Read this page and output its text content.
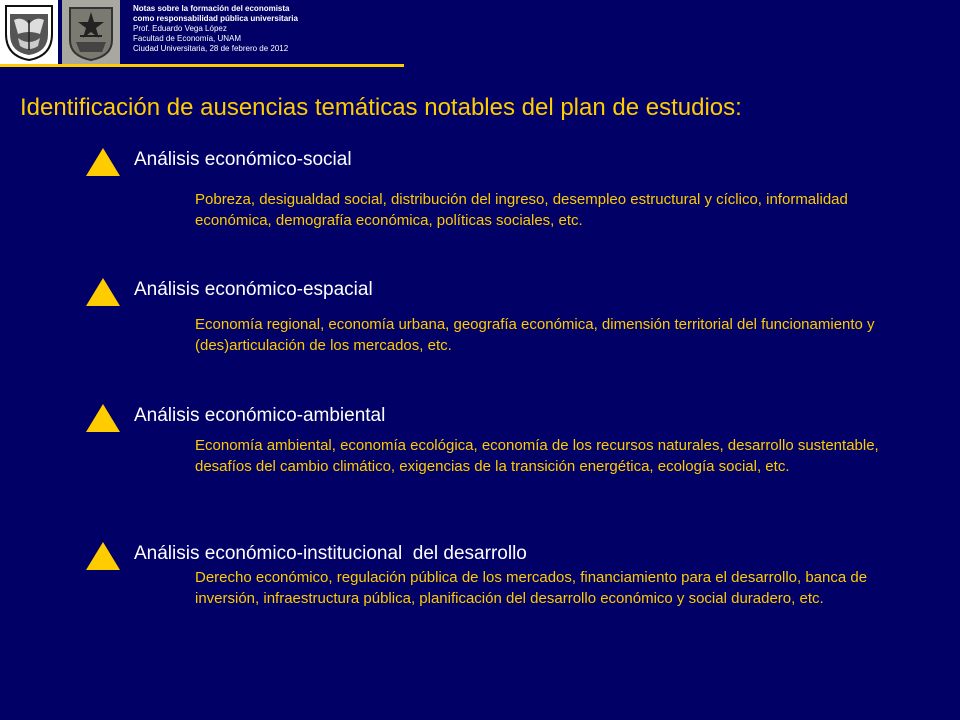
Notas sobre la formación del economista
como responsabilidad pública universitaria
Prof. Eduardo Vega López
Facultad de Economía, UNAM
Ciudad Universitaria, 28 de febrero de 2012
Identificación de ausencias temáticas notables del plan de estudios:
Análisis económico-social
Pobreza, desigualdad social, distribución del ingreso, desempleo estructural y cíclico, informalidad económica, demografía económica, políticas sociales, etc.
Análisis económico-espacial
Economía regional, economía urbana, geografía económica, dimensión territorial del funcionamiento y (des)articulación de los mercados, etc.
Análisis económico-ambiental
Economía ambiental, economía ecológica, economía de los recursos naturales, desarrollo sustentable, desafíos del cambio climático, exigencias de la transición energética, ecología social, etc.
Análisis económico-institucional  del desarrollo
Derecho económico, regulación pública de los mercados, financiamiento para el desarrollo, banca de inversión, infraestructura pública, planificación del desarrollo económico y social duradero, etc.
